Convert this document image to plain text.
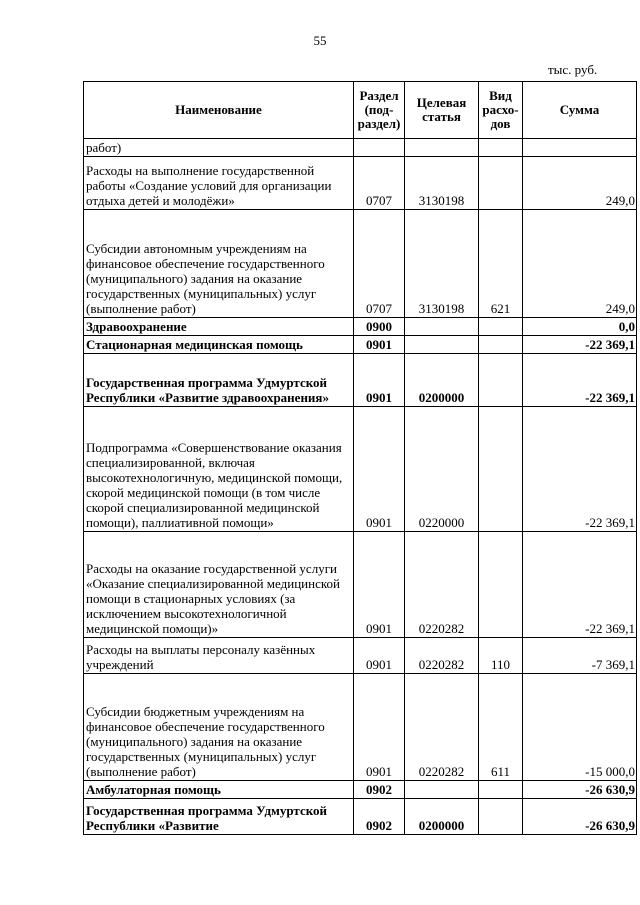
55
тыс. руб.
Наименование	Раздел (под-раздел)	Целевая статья	Вид расхо-дов	Сумма
работ)				
Расходы на выполнение государственной работы «Создание условий для организации отдыха детей и молодёжи»	0707	3130198		249,0
Субсидии автономным учреждениям на финансовое обеспечение государственного (муниципального) задания на оказание государственных (муниципальных) услуг (выполнение работ)	0707	3130198	621	249,0
Здравоохранение	0900			0,0
Стационарная медицинская помощь	0901			-22 369,1
Государственная программа Удмуртской Республики «Развитие здравоохранения»	0901	0200000		-22 369,1
Подпрограмма «Совершенствование оказания специализированной, включая высокотехнологичную, медицинской помощи, скорой медицинской помощи (в том числе скорой специализированной медицинской помощи), паллиативной помощи»	0901	0220000		-22 369,1
Расходы на оказание государственной услуги «Оказание специализированной медицинской помощи в стационарных условиях (за исключением высокотехнологичной медицинской помощи)»	0901	0220282		-22 369,1
Расходы на выплаты персоналу казённых учреждений	0901	0220282	110	-7 369,1
Субсидии бюджетным учреждениям на финансовое обеспечение государственного (муниципального) задания на оказание государственных (муниципальных) услуг (выполнение работ)	0901	0220282	611	-15 000,0
Амбулаторная помощь	0902			-26 630,9
Государственная программа Удмуртской Республики «Развитие	0902	0200000		-26 630,9
